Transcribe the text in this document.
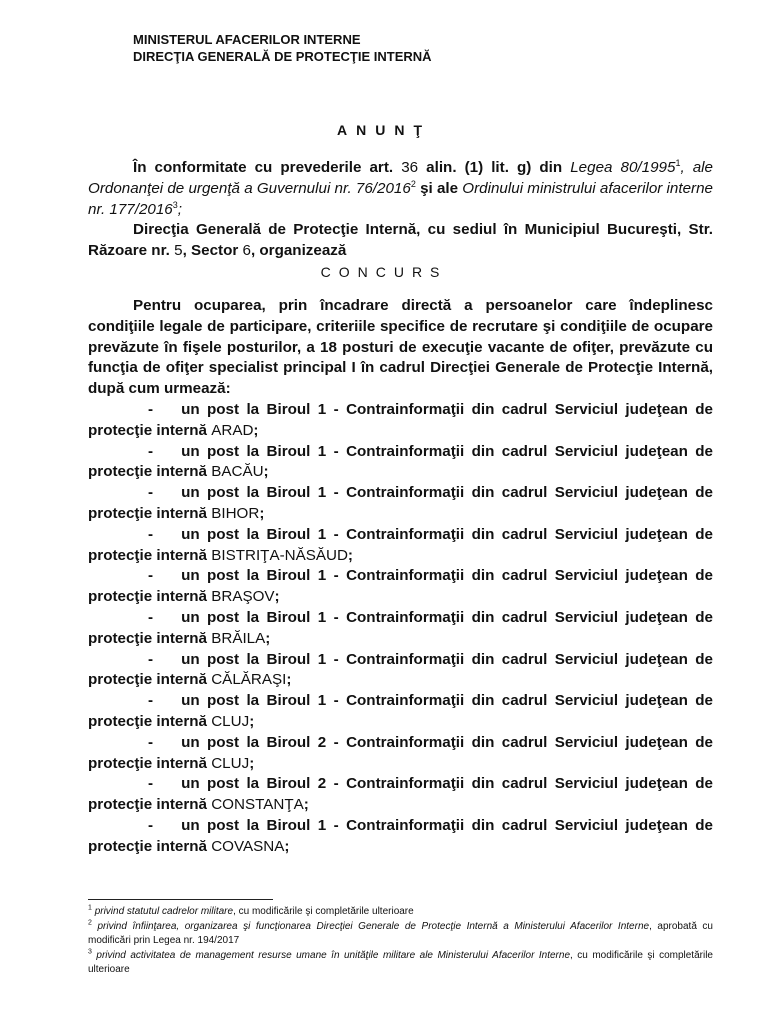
MINISTERUL AFACERILOR INTERNE
DIRECŢIA GENERALĂ DE PROTECŢIE INTERNĂ
ANUNŢ
În conformitate cu prevederile art. 36 alin. (1) lit. g) din Legea 80/1995$^1$, ale Ordonanţei de urgenţă a Guvernului nr. 76/2016$^2$ şi ale Ordinului ministrului afacerilor interne nr. 177/2016$^3$;
Direcţia Generală de Protecţie Internă, cu sediul în Municipiul Bucureşti, Str. Răzoare nr. 5, Sector 6, organizează
CONCURS
Pentru ocuparea, prin încadrare directă a persoanelor care îndeplinesc condiţiile legale de participare, criteriile specifice de recrutare şi condiţiile de ocupare prevăzute în fişele posturilor, a 18 posturi de execuţie vacante de ofiţer, prevăzute cu funcţia de ofiţer specialist principal I în cadrul Direcţiei Generale de Protecţie Internă, după cum urmează:
- un post la Biroul 1 - Contrainformaţii din cadrul Serviciul judeţean de protecţie internă ARAD;
- un post la Biroul 1 - Contrainformaţii din cadrul Serviciul judeţean de protecţie internă BACĂU;
- un post la Biroul 1 - Contrainformaţii din cadrul Serviciul judeţean de protecţie internă BIHOR;
- un post la Biroul 1 - Contrainformaţii din cadrul Serviciul judeţean de protecţie internă BISTRIŢA-NĂSĂUD;
- un post la Biroul 1 - Contrainformaţii din cadrul Serviciul judeţean de protecţie internă BRAŞOV;
- un post la Biroul 1 - Contrainformaţii din cadrul Serviciul judeţean de protecţie internă BRĂILA;
- un post la Biroul 1 - Contrainformaţii din cadrul Serviciul judeţean de protecţie internă CĂLĂRAŞI;
- un post la Biroul 1 - Contrainformaţii din cadrul Serviciul judeţean de protecţie internă CLUJ;
- un post la Biroul 2 - Contrainformaţii din cadrul Serviciul judeţean de protecţie internă CLUJ;
- un post la Biroul 2 - Contrainformaţii din cadrul Serviciul judeţean de protecţie internă CONSTANŢA;
- un post la Biroul 1 - Contrainformaţii din cadrul Serviciul judeţean de protecţie internă COVASNA;
$^1$ privind statutul cadrelor militare, cu modificările şi completările ulterioare
$^2$ privind înfiinţarea, organizarea şi funcţionarea Direcţiei Generale de Protecţie Internă a Ministerului Afacerilor Interne, aprobată cu modificări prin Legea nr. 194/2017
$^3$ privind activitatea de management resurse umane în unităţile militare ale Ministerului Afacerilor Interne, cu modificările şi completările ulterioare
